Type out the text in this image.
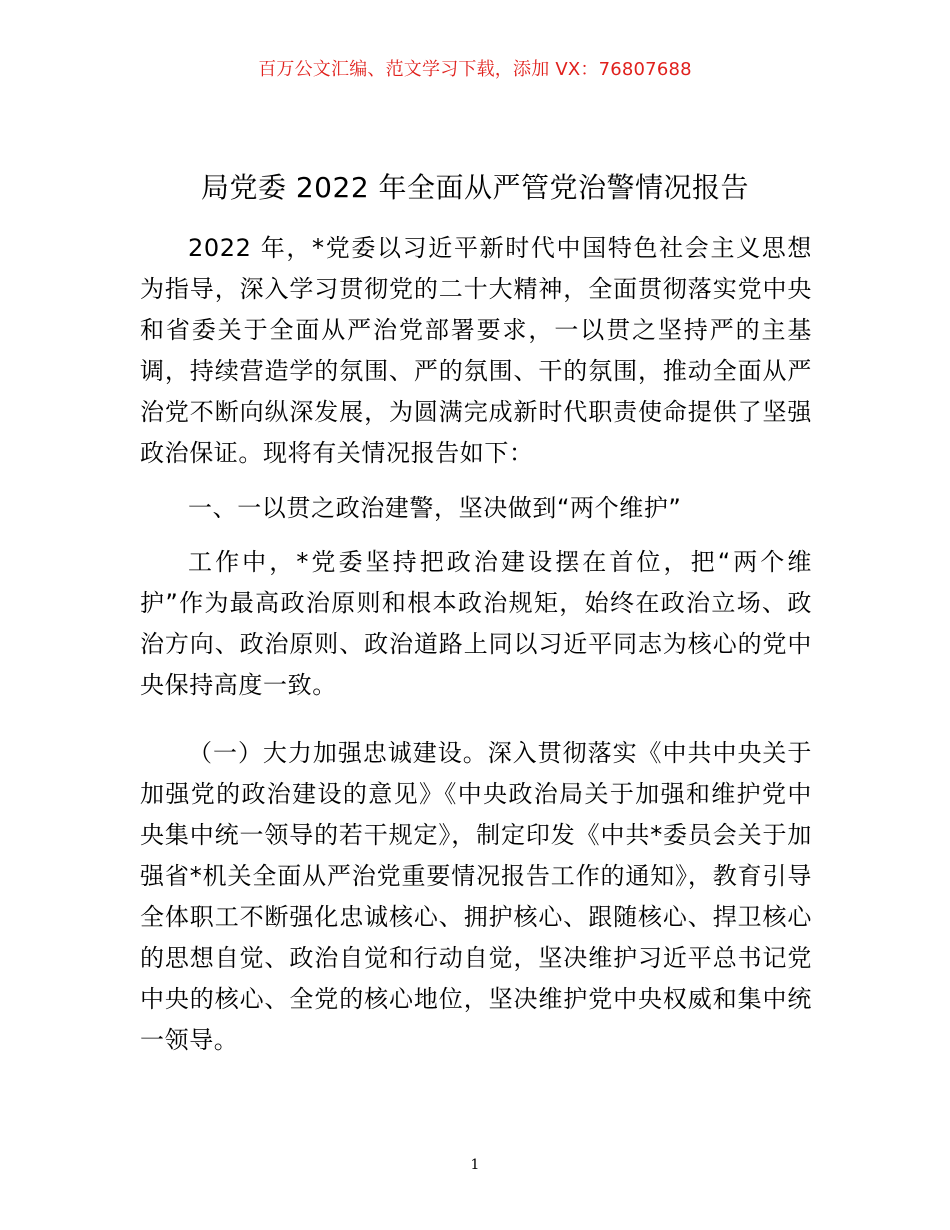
百万公文汇编、范文学习下载，添加 VX：76807688
局党委 2022 年全面从严管党治警情况报告

2022 年，*党委以习近平新时代中国特色社会主义思想为指导，深入学习贯彻党的二十大精神，全面贯彻落实党中央和省委关于全面从严治党部署要求，一以贯之坚持严的主基调，持续营造学的氛围、严的氛围、干的氛围，推动全面从严治党不断向纵深发展，为圆满完成新时代职责使命提供了坚强政治保证。现将有关情况报告如下：

一、一以贯之政治建警，坚决做到“两个维护”

工作中，*党委坚持把政治建设摆在首位，把“两个维护”作为最高政治原则和根本政治规矩，始终在政治立场、政治方向、政治原则、政治道路上同以习近平同志为核心的党中央保持高度一致。

（一）大力加强忠诚建设。深入贯彻落实《中共中央关于加强党的政治建设的意见》《中央政治局关于加强和维护党中央集中统一领导的若干规定》，制定印发《中共*委员会关于加强省*机关全面从严治党重要情况报告工作的通知》，教育引导全体职工不断强化忠诚核心、拥护核心、跟随核心、捍卫核心的思想自觉、政治自觉和行动自觉，坚决维护习近平总书记党中央的核心、全党的核心地位，坚决维护党中央权威和集中统一领导。

1
